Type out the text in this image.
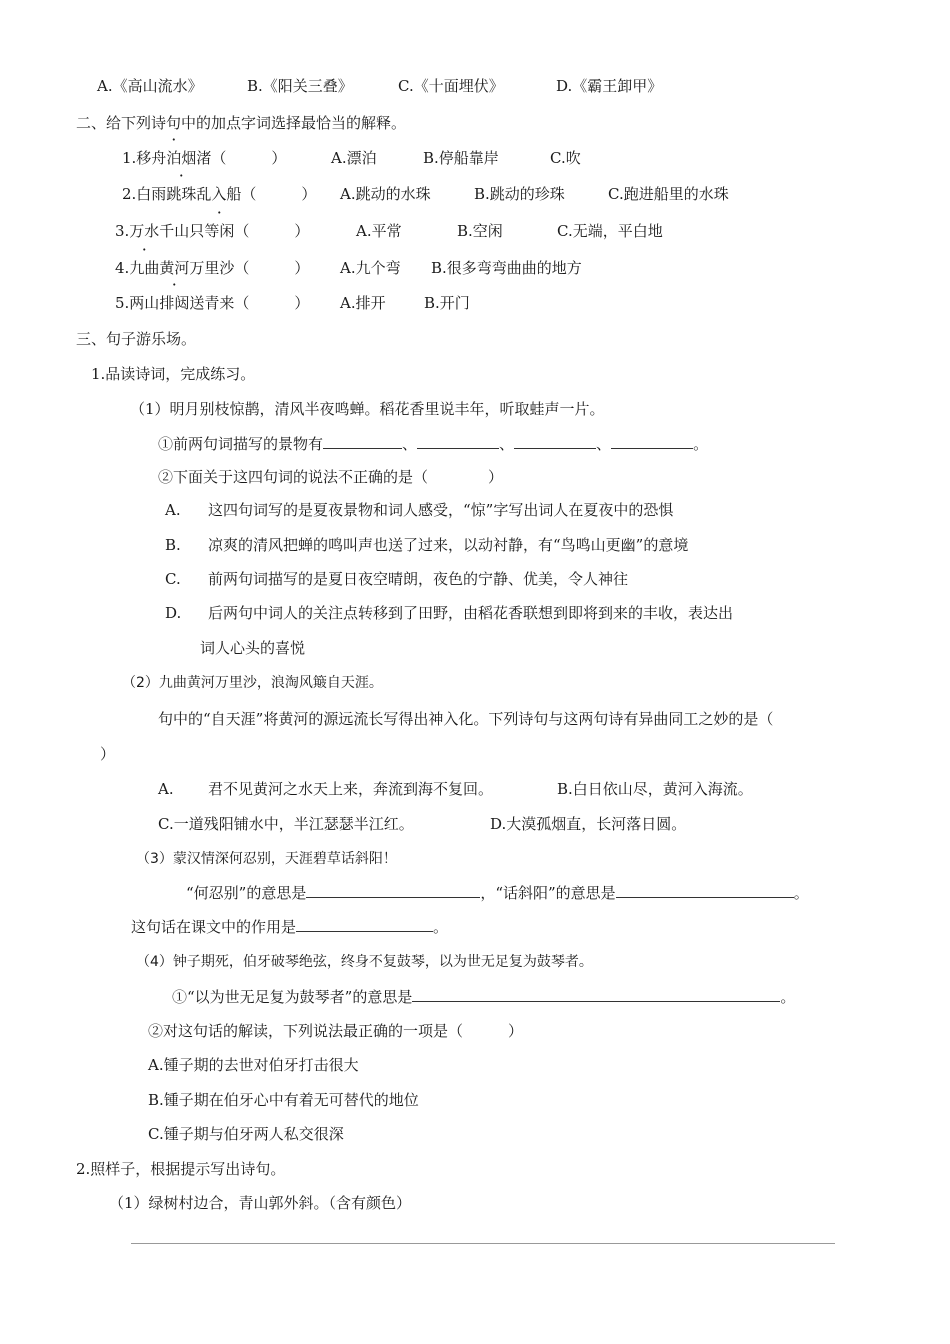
A.《高山流水》	B.《阳关三叠》	C.《十面埋伏》	D.《霸王卸甲》
二、给下列诗句中的加点字词选择最恰当的解释。
1.移舟泊烟渚（　　　）	A.漂泊	B.停船靠岸	C.吹
2.白雨跳珠乱入船（　　　） A.跳动的水珠	B.跳动的珍珠	C.跑进船里的水珠
3.万水千山只等闲（　　　）	A.平常	B.空闲	C.无端，平白地
4.九曲黄河万里沙（　　　） A.九个弯 B.很多弯弯曲曲的地方
5.两山排闼送青来（　　　） A.排开	B.开门
三、句子游乐场。
1.品读诗词，完成练习。
（1）明月别枝惊鹊，清风半夜鸣蝉。稻花香里说丰年，听取蛙声一片。
①前两句词描写的景物有	、	、	、	。
②下面关于这四句词的说法不正确的是（　　　　）
A. 这四句词写的是夏夜景物和词人感受，“惊”字写出词人在夏夜中的恐惧
B. 凉爽的清风把蝉的鸣叫声也送了过来，以动衬静，有“鸟鸣山更幽”的意境
C. 前两句词描写的是夏日夜空晴朗，夜色的宁静、优美，令人神往
D. 后两句中词人的关注点转移到了田野，由稻花香联想到即将到来的丰收，表达出
词人心头的喜悦
（2）九曲黄河万里沙，浪淘风簸自天涯。
句中的“自天涯”将黄河的源远流长写得出神入化。下列诗句与这两句诗有异曲同工之妙的是（
）
A. 君不见黄河之水天上来，奔流到海不复回。	B.白日依山尽，黄河入海流。
C.一道残阳铺水中，半江瑟瑟半江红。	D.大漠孤烟直，长河落日圆。
（3）蒙汉情深何忍别，天涯碧草话斜阳！
“何忍别”的意思是	，“话斜阳”的意思是	。
这句话在课文中的作用是	。
（4）钟子期死，伯牙破琴绝弦，终身不复鼓琴，以为世无足复为鼓琴者。
①“以为世无足复为鼓琴者”的意思是	。
②对这句话的解读，下列说法最正确的一项是（　　　）
A.锺子期的去世对伯牙打击很大
B.锺子期在伯牙心中有着无可替代的地位
C.锺子期与伯牙两人私交很深
2.照样子，根据提示写出诗句。
（1）绿树村边合，青山郭外斜。（含有颜色）
